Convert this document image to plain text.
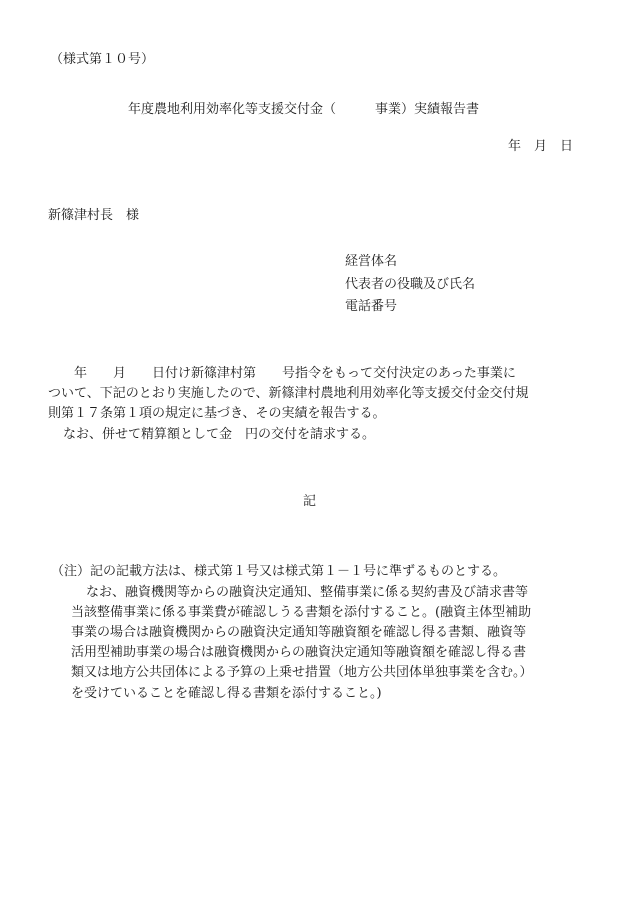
（様式第１０号）
年度農地利用効率化等支援交付金（　　　事業）実績報告書
年　月　日
新篠津村長　様
経営体名
代表者の役職及び氏名
電話番号
　　年　　月　　日付け新篠津村第　　号指令をもって交付決定のあった事業に
ついて、下記のとおり実施したので、新篠津村農地利用効率化等支援交付金交付規
則第１７条第１項の規定に基づき、その実績を報告する。
なお、併せて精算額として金　円の交付を請求する。
記
（注）記の記載方法は、様式第１号又は様式第１－１号に準ずるものとする。
なお、融資機関等からの融資決定通知、整備事業に係る契約書及び請求書等
当該整備事業に係る事業費が確認しうる書類を添付すること。(融資主体型補助
事業の場合は融資機関からの融資決定通知等融資額を確認し得る書類、融資等
活用型補助事業の場合は融資機関からの融資決定通知等融資額を確認し得る書
類又は地方公共団体による予算の上乗せ措置（地方公共団体単独事業を含む。）
を受けていることを確認し得る書類を添付すること。)
